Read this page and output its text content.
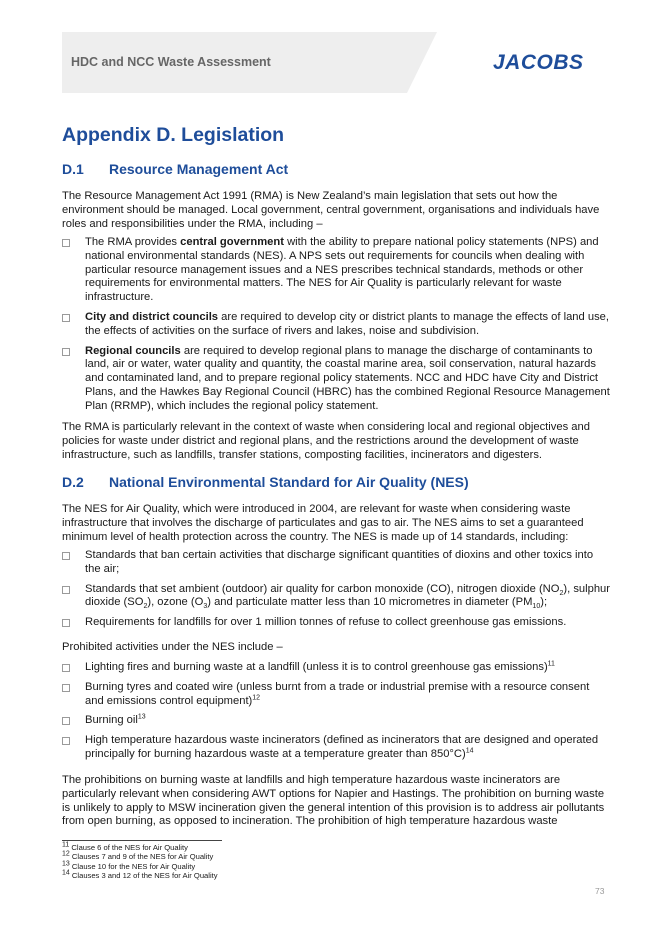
HDC and NCC Waste Assessment	JACOBS
Appendix D. Legislation
D.1 Resource Management Act

The Resource Management Act 1991 (RMA) is New Zealand’s main legislation that sets out how the environment should be managed. Local government, central government, organisations and individuals have roles and responsibilities under the RMA, including –

The RMA provides central government with the ability to prepare national policy statements (NPS) and national environmental standards (NES). A NPS sets out requirements for councils when dealing with particular resource management issues and a NES prescribes technical standards, methods or other requirements for environmental matters. The NES for Air Quality is particularly relevant for waste infrastructure.
City and district councils are required to develop city or district plants to manage the effects of land use, the effects of activities on the surface of rivers and lakes, noise and subdivision.
Regional councils are required to develop regional plans to manage the discharge of contaminants to land, air or water, water quality and quantity, the coastal marine area, soil conservation, natural hazards and contaminated land, and to prepare regional policy statements. NCC and HDC have City and District Plans, and the Hawkes Bay Regional Council (HBRC) has the combined Regional Resource Management Plan (RRMP), which includes the regional policy statement.

The RMA is particularly relevant in the context of waste when considering local and regional objectives and policies for waste under district and regional plans, and the restrictions around the development of waste infrastructure, such as landfills, transfer stations, composting facilities, incinerators and digesters.

D.2 National Environmental Standard for Air Quality (NES)

The NES for Air Quality, which were introduced in 2004, are relevant for waste when considering waste infrastructure that involves the discharge of particulates and gas to air. The NES aims to set a guaranteed minimum level of health protection across the country. The NES is made up of 14 standards, including:

Standards that ban certain activities that discharge significant quantities of dioxins and other toxics into the air;
Standards that set ambient (outdoor) air quality for carbon monoxide (CO), nitrogen dioxide $(NO_2)$, sulphur dioxide $(SO_2)$, ozone $(O_3)$ and particulate matter less than 10 micrometres in diameter $(PM_{10})$;
Requirements for landfills for over 1 million tonnes of refuse to collect greenhouse gas emissions.

Prohibited activities under the NES include –

Lighting fires and burning waste at a landfill (unless it is to control greenhouse gas emissions)$^{11}$
Burning tyres and coated wire (unless burnt from a trade or industrial premise with a resource consent and emissions control equipment)$^{12}$
Burning oil$^{13}$
High temperature hazardous waste incinerators (defined as incinerators that are designed and operated principally for burning hazardous waste at a temperature greater than 850°C)$^{14}$

The prohibitions on burning waste at landfills and high temperature hazardous waste incinerators are particularly relevant when considering AWT options for Napier and Hastings. The prohibition on burning waste is unlikely to apply to MSW incineration given the general intention of this provision is to address air pollutants from open burning, as opposed to incineration. The prohibition of high temperature hazardous waste

$^{11}$ Clause 6 of the NES for Air Quality
$^{12}$ Clauses 7 and 9 of the NES for Air Quality
$^{13}$ Clause 10 for the NES for Air Quality
$^{14}$ Clauses 3 and 12 of the NES for Air Quality
73
